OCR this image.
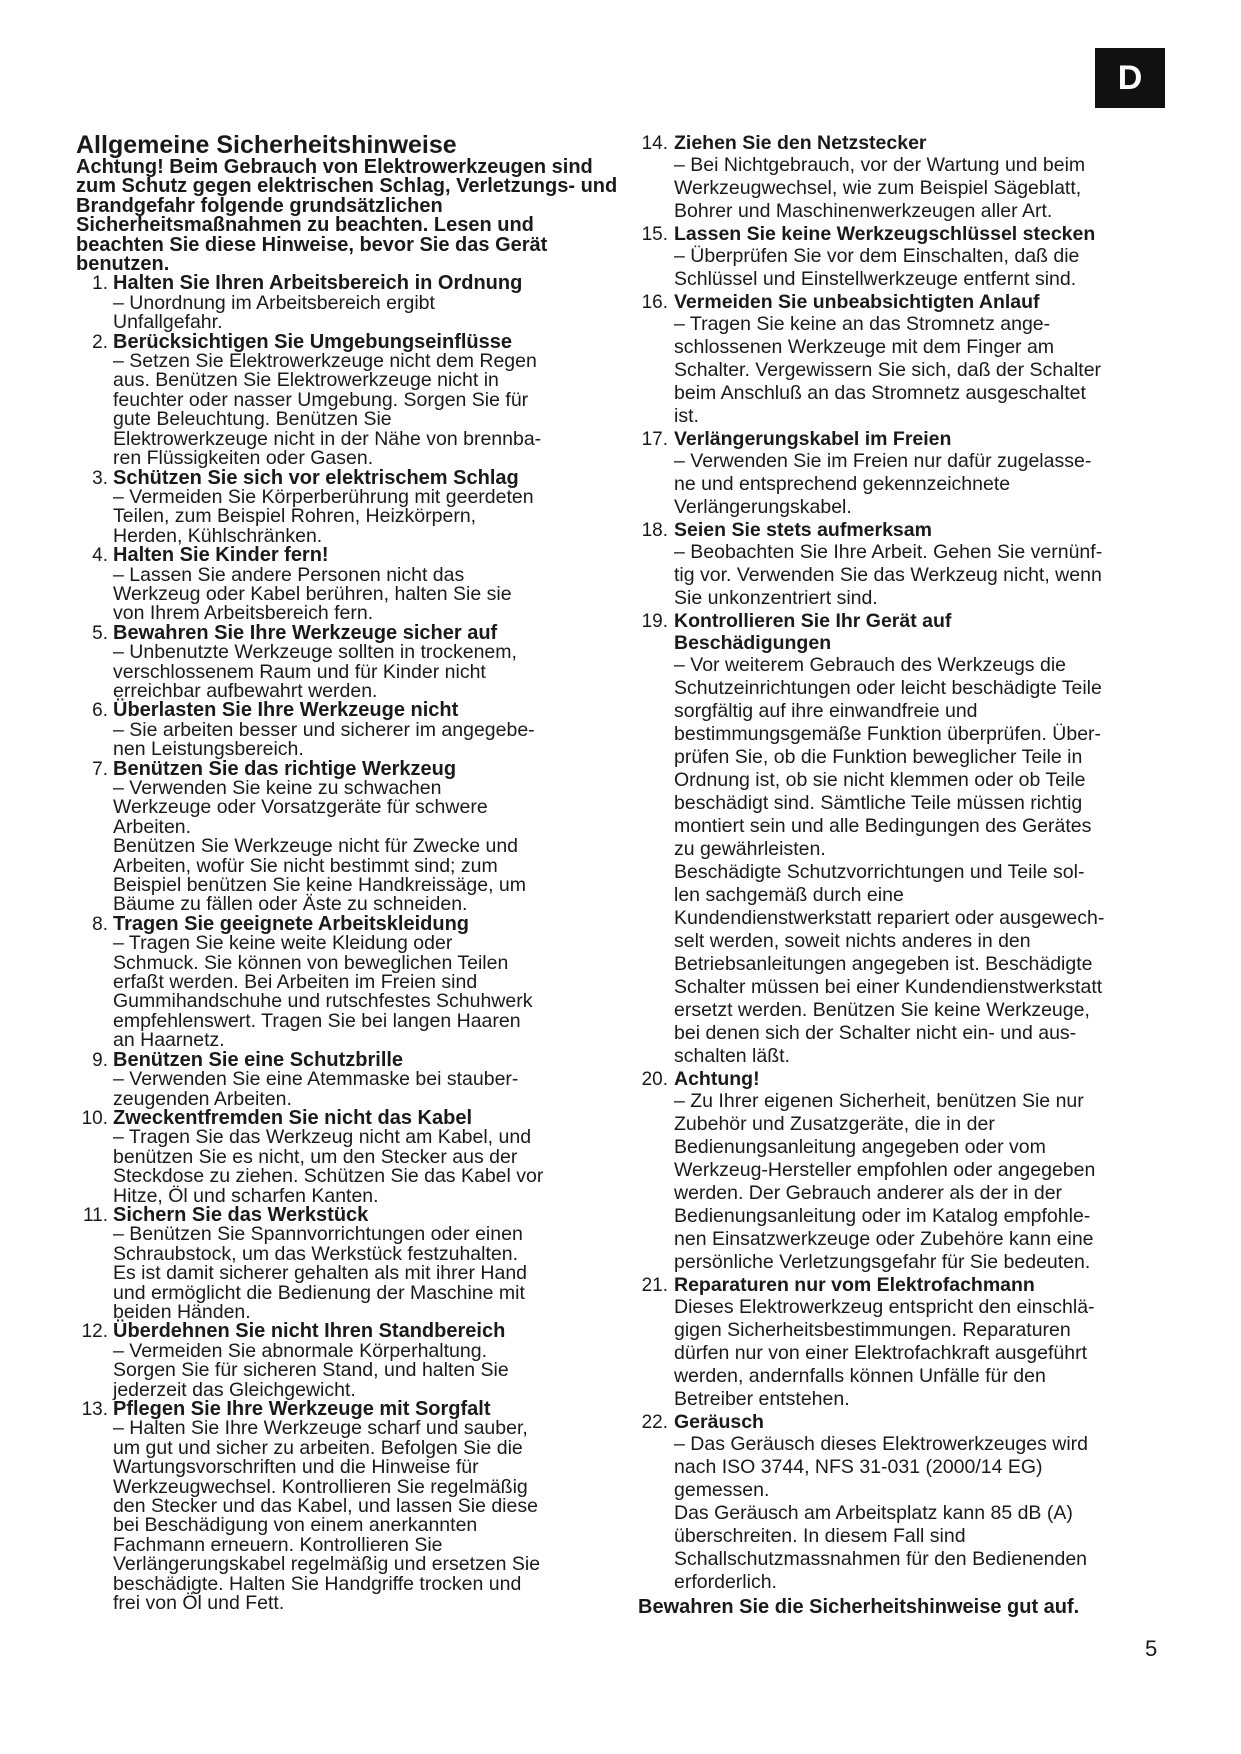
D

Allgemeine Sicherheitshinweise

Achtung! Beim Gebrauch von Elektrowerkzeugen sind zum Schutz gegen elektrischen Schlag, Verletzungs- und Brandgefahr folgende grundsätzlichen Sicherheitsmaßnahmen zu beachten. Lesen und beachten Sie diese Hinweise, bevor Sie das Gerät benutzen.

1. Halten Sie Ihren Arbeitsbereich in Ordnung
– Unordnung im Arbeitsbereich ergibt
Unfallgefahr.
2. Berücksichtigen Sie Umgebungseinflüsse
– Setzen Sie Elektrowerkzeuge nicht dem Regen
aus. Benützen Sie Elektrowerkzeuge nicht in
feuchter oder nasser Umgebung. Sorgen Sie für
gute Beleuchtung. Benützen Sie
Elektrowerkzeuge nicht in der Nähe von brennba-
ren Flüssigkeiten oder Gasen.
3. Schützen Sie sich vor elektrischem Schlag
– Vermeiden Sie Körperberührung mit geerdeten
Teilen, zum Beispiel Rohren, Heizkörpern,
Herden, Kühlschränken.
4. Halten Sie Kinder fern!
– Lassen Sie andere Personen nicht das
Werkzeug oder Kabel berühren, halten Sie sie
von Ihrem Arbeitsbereich fern.
5. Bewahren Sie Ihre Werkzeuge sicher auf
– Unbenutzte Werkzeuge sollten in trockenem,
verschlossenem Raum und für Kinder nicht
erreichbar aufbewahrt werden.
6. Überlasten Sie Ihre Werkzeuge nicht
– Sie arbeiten besser und sicherer im angegebe-
nen Leistungsbereich.
7. Benützen Sie das richtige Werkzeug
– Verwenden Sie keine zu schwachen
Werkzeuge oder Vorsatzgeräte für schwere
Arbeiten.
Benützen Sie Werkzeuge nicht für Zwecke und
Arbeiten, wofür Sie nicht bestimmt sind; zum
Beispiel benützen Sie keine Handkreissäge, um
Bäume zu fällen oder Äste zu schneiden.
8. Tragen Sie geeignete Arbeitskleidung
– Tragen Sie keine weite Kleidung oder
Schmuck. Sie können von beweglichen Teilen
erfaßt werden. Bei Arbeiten im Freien sind
Gummihandschuhe und rutschfestes Schuhwerk
empfehlenswert. Tragen Sie bei langen Haaren
an Haarnetz.
9. Benützen Sie eine Schutzbrille
– Verwenden Sie eine Atemmaske bei stauber-
zeugenden Arbeiten.
10. Zweckentfremden Sie nicht das Kabel
– Tragen Sie das Werkzeug nicht am Kabel, und
benützen Sie es nicht, um den Stecker aus der
Steckdose zu ziehen. Schützen Sie das Kabel vor
Hitze, Öl und scharfen Kanten.
11. Sichern Sie das Werkstück
– Benützen Sie Spannvorrichtungen oder einen
Schraubstock, um das Werkstück festzuhalten.
Es ist damit sicherer gehalten als mit ihrer Hand
und ermöglicht die Bedienung der Maschine mit
beiden Händen.
12. Überdehnen Sie nicht Ihren Standbereich
– Vermeiden Sie abnormale Körperhaltung.
Sorgen Sie für sicheren Stand, und halten Sie
jederzeit das Gleichgewicht.
13. Pflegen Sie Ihre Werkzeuge mit Sorgfalt
– Halten Sie Ihre Werkzeuge scharf und sauber,
um gut und sicher zu arbeiten. Befolgen Sie die
Wartungsvorschriften und die Hinweise für
Werkzeugwechsel. Kontrollieren Sie regelmäßig
den Stecker und das Kabel, und lassen Sie diese
bei Beschädigung von einem anerkannten
Fachmann erneuern. Kontrollieren Sie
Verlängerungskabel regelmäßig und ersetzen Sie
beschädigte. Halten Sie Handgriffe trocken und
frei von Öl und Fett.
14. Ziehen Sie den Netzstecker
– Bei Nichtgebrauch, vor der Wartung und beim
Werkzeugwechsel, wie zum Beispiel Sägeblatt,
Bohrer und Maschinenwerkzeugen aller Art.
15. Lassen Sie keine Werkzeugschlüssel stecken
– Überprüfen Sie vor dem Einschalten, daß die
Schlüssel und Einstellwerkzeuge entfernt sind.
16. Vermeiden Sie unbeabsichtigten Anlauf
– Tragen Sie keine an das Stromnetz ange-
schlossenen Werkzeuge mit dem Finger am
Schalter. Vergewissern Sie sich, daß der Schalter
beim Anschluß an das Stromnetz ausgeschaltet
ist.
17. Verlängerungskabel im Freien
– Verwenden Sie im Freien nur dafür zugelasse-
ne und entsprechend gekennzeichnete
Verlängerungskabel.
18. Seien Sie stets aufmerksam
– Beobachten Sie Ihre Arbeit. Gehen Sie vernünf-
tig vor. Verwenden Sie das Werkzeug nicht, wenn
Sie unkonzentriert sind.
19. Kontrollieren Sie Ihr Gerät auf
Beschädigungen
– Vor weiterem Gebrauch des Werkzeugs die
Schutzeinrichtungen oder leicht beschädigte Teile
sorgfältig auf ihre einwandfreie und
bestimmungsgemäße Funktion überprüfen. Über-
prüfen Sie, ob die Funktion beweglicher Teile in
Ordnung ist, ob sie nicht klemmen oder ob Teile
beschädigt sind. Sämtliche Teile müssen richtig
montiert sein und alle Bedingungen des Gerätes
zu gewährleisten.
Beschädigte Schutzvorrichtungen und Teile sol-
len sachgemäß durch eine
Kundendienstwerkstatt repariert oder ausgewech-
selt werden, soweit nichts anderes in den
Betriebsanleitungen angegeben ist. Beschädigte
Schalter müssen bei einer Kundendienstwerkstatt
ersetzt werden. Benützen Sie keine Werkzeuge,
bei denen sich der Schalter nicht ein- und aus-
schalten läßt.
20. Achtung!
– Zu Ihrer eigenen Sicherheit, benützen Sie nur
Zubehör und Zusatzgeräte, die in der
Bedienungsanleitung angegeben oder vom
Werkzeug-Hersteller empfohlen oder angegeben
werden. Der Gebrauch anderer als der in der
Bedienungsanleitung oder im Katalog empfohle-
nen Einsatzwerkzeuge oder Zubehöre kann eine
persönliche Verletzungsgefahr für Sie bedeuten.
21. Reparaturen nur vom Elektrofachmann
Dieses Elektrowerkzeug entspricht den einschlä-
gigen Sicherheitsbestimmungen. Reparaturen
dürfen nur von einer Elektrofachkraft ausgeführt
werden, andernfalls können Unfälle für den
Betreiber entstehen.
22. Geräusch
– Das Geräusch dieses Elektrowerkzeuges wird
nach ISO 3744, NFS 31-031 (2000/14 EG)
gemessen.
Das Geräusch am Arbeitsplatz kann 85 dB (A)
überschreiten. In diesem Fall sind
Schallschutzmassnahmen für den Bedienenden
erforderlich.

Bewahren Sie die Sicherheitshinweise gut auf.

5
